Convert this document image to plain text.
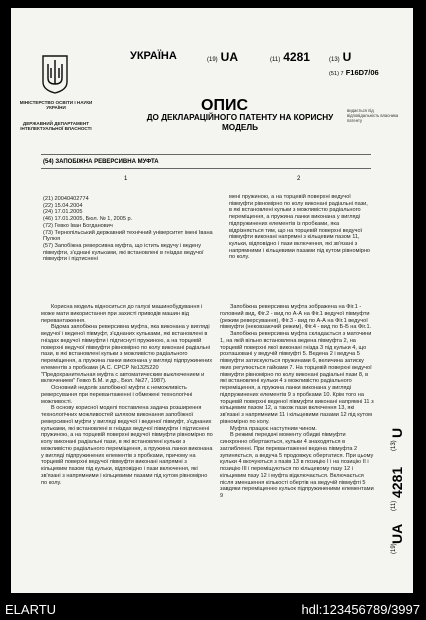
МІНІСТЕРСТВО ОСВІТИ І НАУКИ УКРАЇНИ
ДЕРЖАВНИЙ ДЕПАРТАМЕНТ ІНТЕЛЕКТУАЛЬНОЇ ВЛАСНОСТІ
УКРАЇНА	(19) UA	(11) 4281	(13) U
(51) 7 F16D7/06
ОПИС
ДО ДЕКЛАРАЦІЙНОГО ПАТЕНТУ НА КОРИСНУ МОДЕЛЬ
видається під відповідальність власника патенту
(54) ЗАПОБІЖНА РЕВЕРСИВНА МУФТА
1	2
(21) 20040402774
(22) 15.04.2004
(24) 17.01.2005
(46) 17.01.2005, Бюл. № 1, 2005 р.
(72) Гевко Іван Богданович
(73) Тернопільський державний технічний університет імені Івана Пулюя
(57) Запобіжна реверсивна муфта, що істить ведучу і ведену півмуфти, з'єднані кульками, які встановлені в гніздах ведучої півмуфти і підтиснені
мені пружиною, а на торцевій поверхні ведучої півмуфти рівномірно по колу виконані радіальні пази, в які встановлені кульки з можливістю радіального переміщення, а пружина ланки виконана у вигляді підпружинених елементів із пробками, яка відрізняється тим, що на торцевій поверхні ведучої півмуфти виконані напрямні з кільцевим пазом 11, кульки, відповідно і пази включення, які зв'язані з напрямними і кільцевими пазами під кутом рівномірно по колу.
Корисна модель відноситься до галузі машинобудування і може мати використання при захисті приводів машин від перевантаження.
Відома запобіжна реверсивна муфта, яка виконана у вигляді ведучої і веденої півмуфт, з'єднаних кульками, які встановлені в гніздах ведучої півмуфти і підтиснуті пружиною, а на торцевій поверхні ведучої півмуфти рівномірно по колу виконані радіальні пази, в які встановлені кульки з можливістю радіального переміщення, а пружина ланки виконана у вигляді підпружинених елементів з пробками (А.С. СРСР №1325220 "Предохранительная муфта с автоматическим выключением и включением" Гевко Б.М. и др., Бюл. №27, 1987).
Основний недолік запобіжної муфти є неможливість реверсування при перевантаженні і обмежені технологічні можливості.
В основу корисної моделі поставлена задача розширення технологічних можливостей шляхом виконання запобіжної реверсивної муфти у вигляді ведучої і веденої півмуфт, з'єднаних кульками, які встановлені в гніздах ведучої півмуфти і підтиснені пружиною, а на торцевій поверхні ведучої півмуфти рівномірно по колу виконані радіальні пази, в які встановлені кульки з можливістю радіального переміщення, а пружина ланки виконана у вигляді підпружинених елементів з пробками, причому на торцевій поверхні ведучої півмуфти виконані напрямні з кільцевим пазом під кульки, відповідно і пази включення, які зв'язані з напрямними і кільцевими пазами під кутом рівномірно по колу.
Запобіжна реверсивна муфта зображена на Фіг.1 - головний вид, Фіг.2 - вид по А-А на Фіг.1 ведучої півмуфти (режим реверсування), Фіг.3 - вид по А-А на Фіг.1 ведучої півмуфти (нековзаючий режим), Фіг.4 - вид по Б-Б на Фіг.1.
Запобіжна реверсивна муфта складається з маточини 1, на якій вільно встановлена ведена півмуфта 2, на торцевій поверхні якої виконані гнізда 3 під кульки 4, що розташовані у ведучій півмуфті 5. Ведена 2 і ведуча 5 півмуфти затискуються пружинами 6, величина затиску яких регулюється гайками 7. На торцевій поверхні ведучої півмуфти рівномірно по колу виконані радіальні пази 8, в які встановлені кульки 4 з можливістю радіального переміщення, а пружина ланки виконана у вигляді підпружинених елементів 9 з пробками 10. Крім того на торцевій поверхні веденої півмуфти виконані напрямні 11 з кільцевим пазом 12, а також пази включення 13, які зв'язані з напрямними 11 і кільцевими пазами 12 під кутом рівномірно по колу.
Муфта працює наступним чином.
В режимі передачі моменту обидві півмуфти синхронно обертаються, кульки 4 знаходяться в заглибленні. При перевантаженні ведена півмуфта 2 зупиняється, а ведуча 5 продовжує обертатися. При цьому кульки 4 вкочуються з пазів 13 в позицію І і на позицію II і позицію III і переміщуються по кільцевому пазу 12 і кільцевим пазу 12 і муфта відключається. Включається після зменшення кількості обертів на ведучій півмуфті 5 завдяки переміщенню кульок підпружиненими елементами 9
(19)
UA
(11)
4281
(13)
U
ELARTU	hdl:123456789/3997
